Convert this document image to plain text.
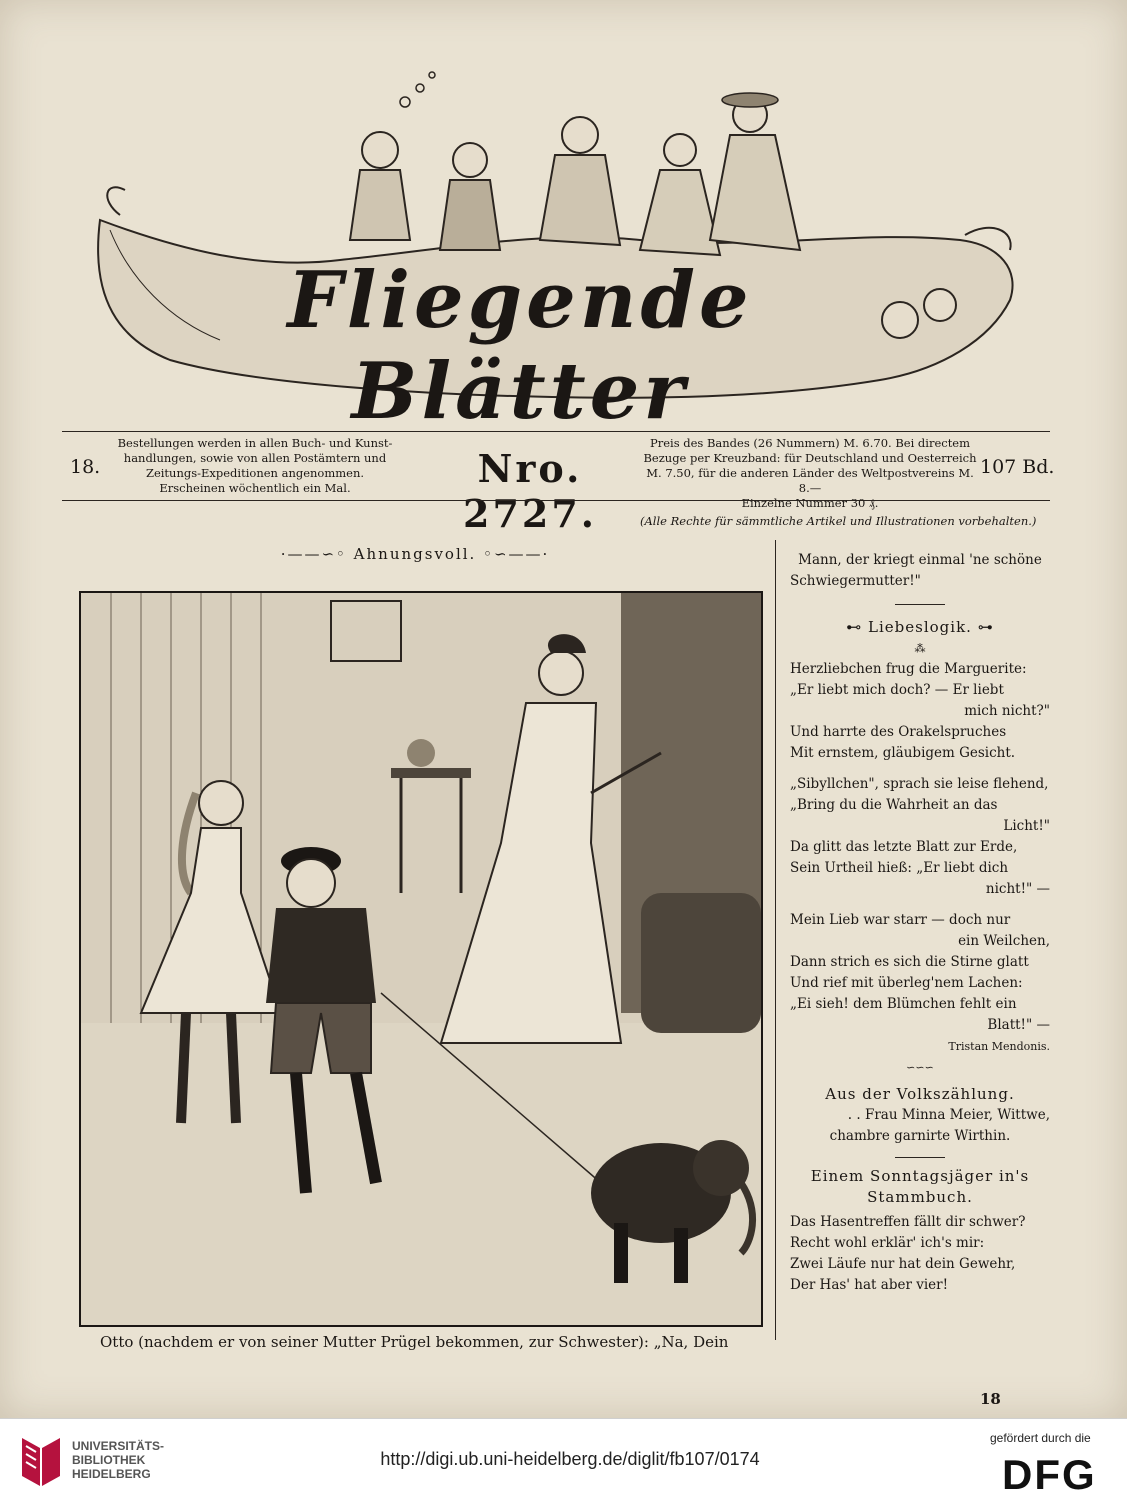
Fliegende Blätter
18.
Bestellungen werden in allen Buch- und Kunst-
handlungen, sowie von allen Postämtern und
Zeitungs-Expeditionen angenommen.
Erscheinen wöchentlich ein Mal.	Nro. 2727.
Preis des Bandes (26 Nummern) M. 6.70. Bei directem
Bezuge per Kreuzband: für Deutschland und Oesterreich
M. 7.50, für die anderen Länder des Weltpostvereins M. 8.—
Einzelne Nummer 30 ₰.
107 Bd.
(Alle Rechte für sämmtliche Artikel und Illustrationen vorbehalten.)
·——∽◦ Ahnungsvoll. ◦∽——·
Otto (nachdem er von seiner Mutter Prügel bekommen, zur Schwester): „Na, Dein
Mann, der kriegt einmal 'ne schöne
Schwiegermutter!"
⊷ Liebeslogik. ⊶
⁂
Herzliebchen frug die Marguerite:
„Er liebt mich doch? — Er liebt
mich nicht?"
Und harrte des Orakelspruches
Mit ernstem, gläubigem Gesicht.
„Sibyllchen", sprach sie leise flehend,
„Bring du die Wahrheit an das
Licht!"
Da glitt das letzte Blatt zur Erde,
Sein Urtheil hieß: „Er liebt dich
nicht!" —
Mein Lieb war starr — doch nur
ein Weilchen,
Dann strich es sich die Stirne glatt
Und rief mit überleg'nem Lachen:
„Ei sieh! dem Blümchen fehlt ein
Blatt!" —
Tristan Mendonis.
∽∽∽
Aus der Volkszählung.
. . Frau Minna Meier, Wittwe,
chambre garnirte Wirthin.
Einem Sonntagsjäger in's Stammbuch.
Das Hasentreffen fällt dir schwer?
Recht wohl erklär' ich's mir:
Zwei Läufe nur hat dein Gewehr,
Der Has' hat aber vier!
18
UNIVERSITÄTS-
BIBLIOTHEK
HEIDELBERG
http://digi.ub.uni-heidelberg.de/diglit/fb107/0174
gefördert durch die
DFG
